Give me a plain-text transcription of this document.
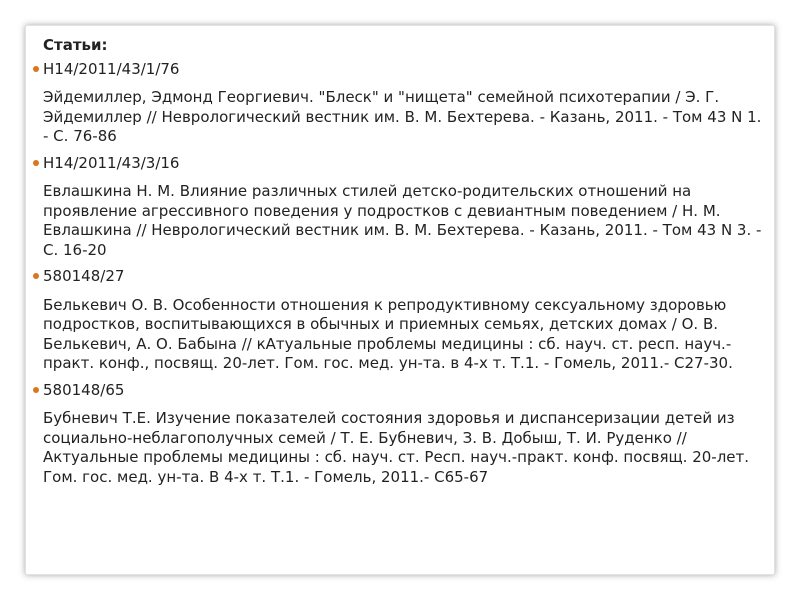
Статьи:

Н14/2011/43/1/76

Эйдемиллер, Эдмонд Георгиевич. "Блеск" и "нищета" семейной психотерапии / Э. Г. Эйдемиллер // Неврологический вестник им. В. М. Бехтерева. - Казань, 2011. - Том 43 N 1. - С. 76-86

Н14/2011/43/3/16

Евлашкина Н. М. Влияние различных стилей детско-родительских отношений на проявление агрессивного поведения у подростков с девиантным поведением / Н. М. Евлашкина // Неврологический вестник им. В. М. Бехтерева. - Казань, 2011. - Том 43 N 3. - С. 16-20

580148/27

Белькевич О. В. Особенности отношения к репродуктивному сексуальному здоровью подростков, воспитывающихся в обычных и приемных семьях, детских домах / О. В. Белькевич, А. О. Бабына // кАтуальные проблемы медицины : сб. науч. ст. респ. науч.-практ. конф., посвящ. 20-лет. Гом. гос. мед. ун-та. в 4-х т. Т.1. - Гомель, 2011.- С27-30.

580148/65

Бубневич Т.Е. Изучение показателей состояния здоровья и диспансеризации детей из социально-неблагополучных семей / Т. Е. Бубневич, З. В. Добыш, Т. И. Руденко // Актуальные проблемы медицины : сб. науч. ст. Респ. науч.-практ. конф. посвящ. 20-лет. Гом. гос. мед. ун-та. В 4-х т. Т.1. - Гомель, 2011.- С65-67
